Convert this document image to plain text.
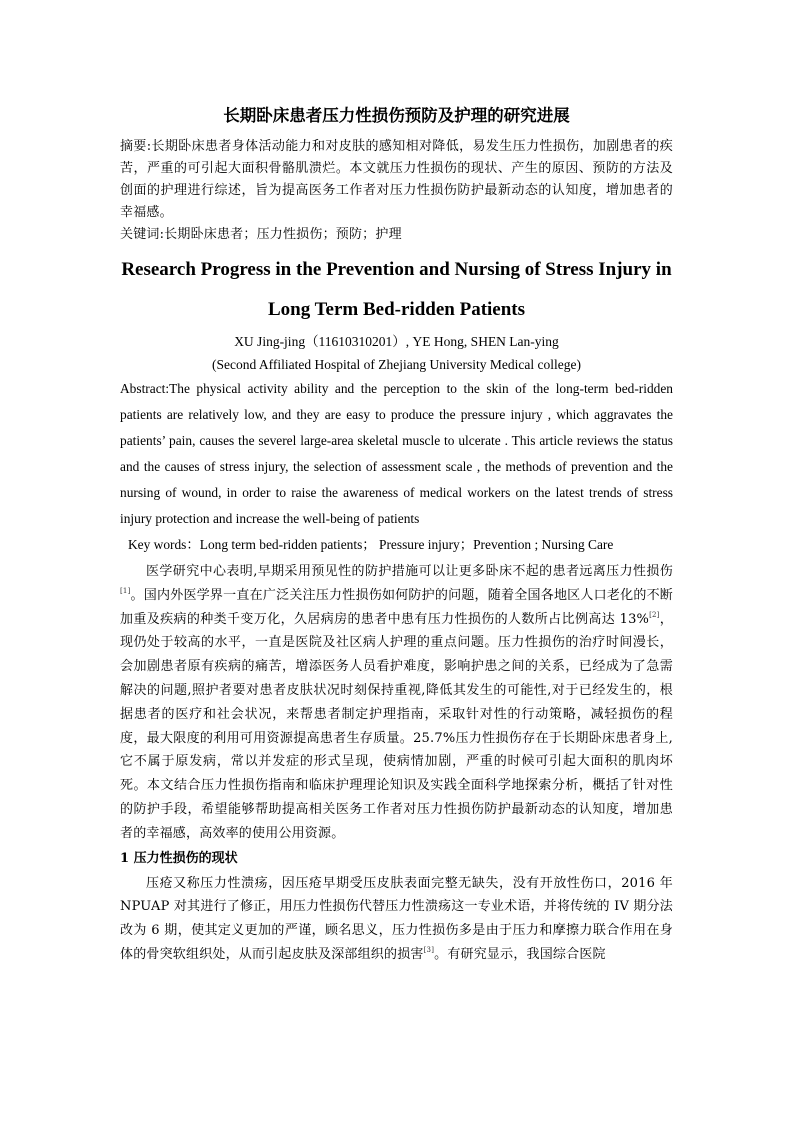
长期卧床患者压力性损伤预防及护理的研究进展

摘要:长期卧床患者身体活动能力和对皮肤的感知相对降低，易发生压力性损伤，加剧患者的疾苦，严重的可引起大面积骨骼肌溃烂。本文就压力性损伤的现状、产生的原因、预防的方法及创面的护理进行综述，旨为提高医务工作者对压力性损伤防护最新动态的认知度，增加患者的幸福感。

关键词:长期卧床患者；压力性损伤；预防；护理

Research Progress in the Prevention and Nursing of Stress Injury in
Long Term Bed-ridden Patients

XU Jing-jing（11610310201）, YE Hong, SHEN Lan-ying

(Second Affiliated Hospital of Zhejiang University Medical college)

Abstract:The physical activity ability and the perception to the skin of the long-term bed-ridden patients are relatively low, and they are easy to produce the pressure injury , which aggravates the patients’ pain, causes the severel large-area skeletal muscle to ulcerate . This article reviews the status and the causes of stress injury, the selection of assessment scale , the methods of prevention and the nursing of wound, in order to raise the awareness of medical workers on the latest trends of stress injury protection and increase the well-being of patients

Key words：Long term bed-ridden patients； Pressure injury；Prevention ; Nursing Care

医学研究中心表明,早期采用预见性的防护措施可以让更多卧床不起的患者远离压力性损伤[1]。国内外医学界一直在广泛关注压力性损伤如何防护的问题，随着全国各地区人口老化的不断加重及疾病的种类千变万化，久居病房的患者中患有压力性损伤的人数所占比例高达 13%[2]，现仍处于较高的水平，一直是医院及社区病人护理的重点问题。压力性损伤的治疗时间漫长，会加剧患者原有疾病的痛苦，增添医务人员看护难度，影响护患之间的关系，已经成为了急需解决的问题,照护者要对患者皮肤状况时刻保持重视,降低其发生的可能性,对于已经发生的，根据患者的医疗和社会状况，来帮患者制定护理指南，采取针对性的行动策略，减轻损伤的程度，最大限度的利用可用资源提高患者生存质量。25.7%压力性损伤存在于长期卧床患者身上,它不属于原发病，常以并发症的形式呈现，使病情加剧，严重的时候可引起大面积的肌肉坏死。本文结合压力性损伤指南和临床护理理论知识及实践全面科学地探索分析，概括了针对性的防护手段，希望能够帮助提高相关医务工作者对压力性损伤防护最新动态的认知度，增加患者的幸福感，高效率的使用公用资源。

1 压力性损伤的现状

压疮又称压力性溃疡，因压疮早期受压皮肤表面完整无缺失，没有开放性伤口，2016 年 NPUAP 对其进行了修正，用压力性损伤代替压力性溃疡这一专业术语，并将传统的 IV 期分法改为 6 期，使其定义更加的严谨，顾名思义，压力性损伤多是由于压力和摩擦力联合作用在身体的骨突软组织处，从而引起皮肤及深部组织的损害[3]。有研究显示，我国综合医院
